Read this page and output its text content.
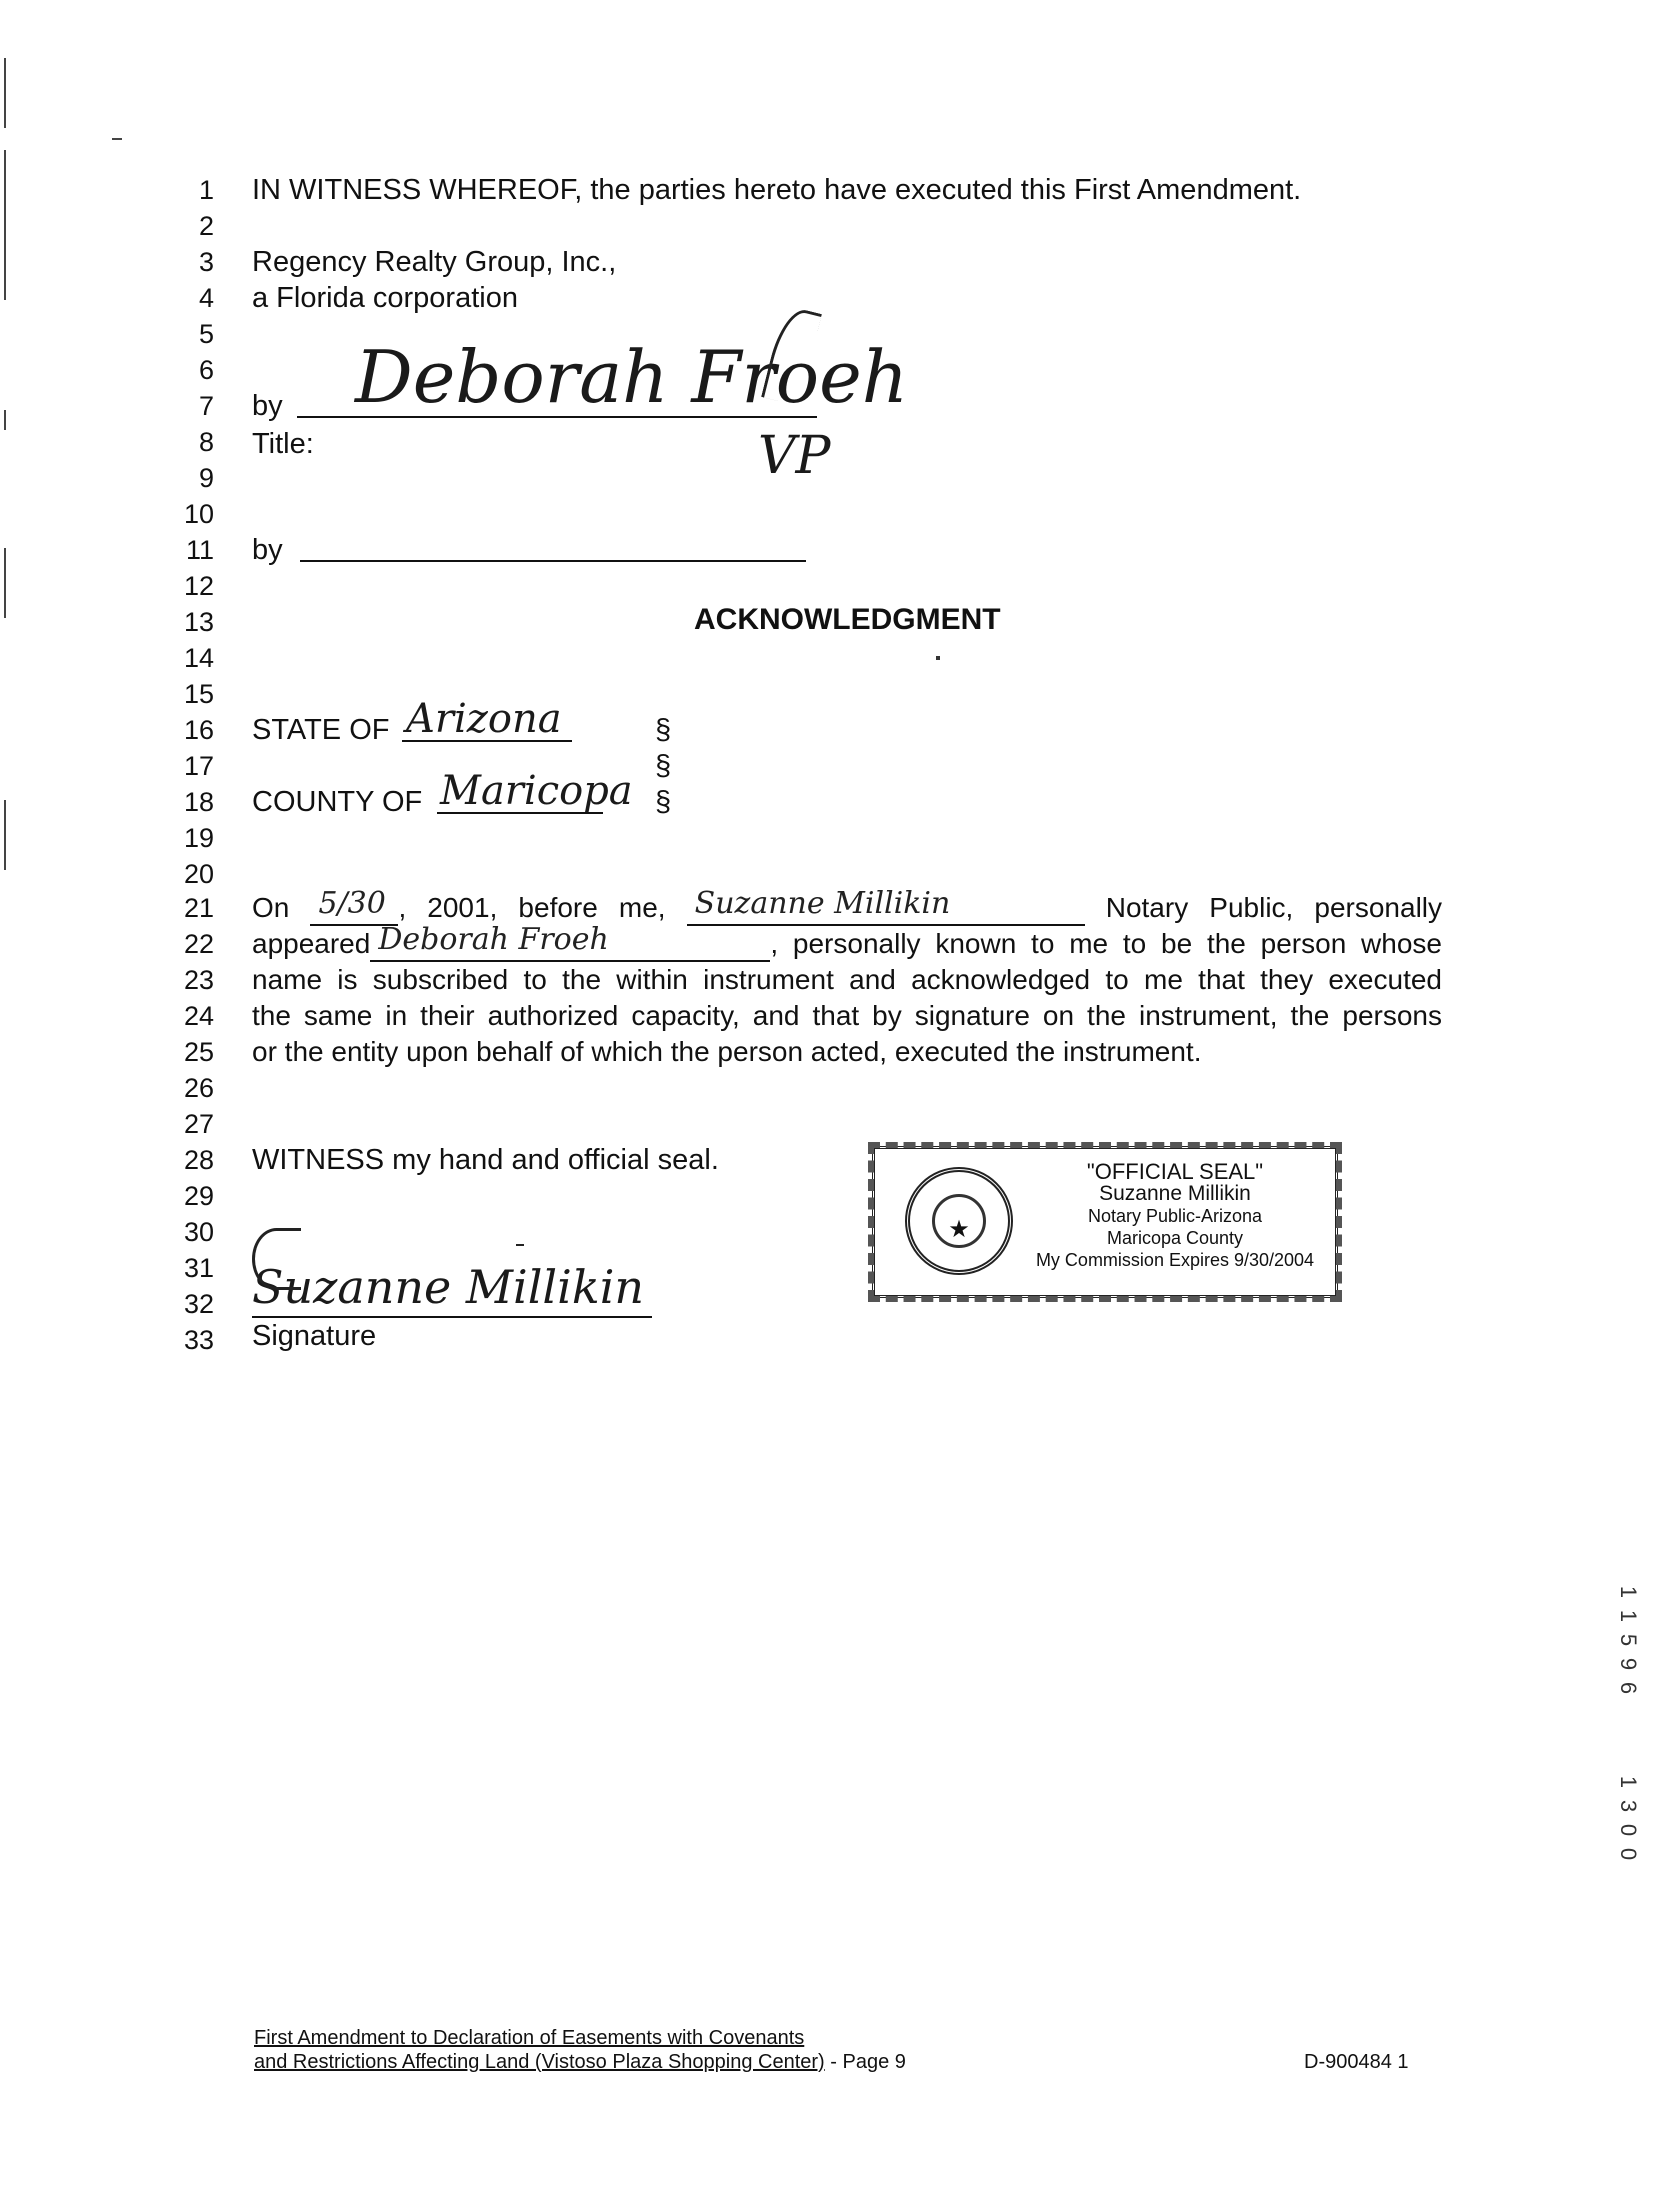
1
2
3
4
5
6
7
8
9
10
11
12
13
14
15
16
17
18
19
20
21
22
23
24
25
26
27
28
29
30
31
32
33
IN WITNESS WHEREOF, the parties hereto have executed this First Amendment.
Regency Realty Group, Inc.,
a Florida corporation
by Deborah Froeh
Title:	VP
by
ACKNOWLEDGMENT
STATE OF Arizona	§
§
COUNTY OF Maricopa §
On 5/30 , 2001, before me, Suzanne Millikin	Notary Public, personally
appeared Deborah Froeh	, personally known to me to be the person whose
name is subscribed to the within instrument and acknowledged to me that they executed
the same in their authorized capacity, and that by signature on the instrument, the persons
or the entity upon behalf of which the person acted, executed the instrument.
WITNESS my hand and official seal.
Suzanne Millikin
Signature
★
"OFFICIAL SEAL"
Suzanne Millikin
Notary Public-Arizona
Maricopa County
My Commission Expires 9/30/2004
First Amendment to Declaration of Easements with Covenants
and Restrictions Affecting Land (Vistoso Plaza Shopping Center) - Page 9	D-900484 1
1
1
5
9
6
1
3
0
0
